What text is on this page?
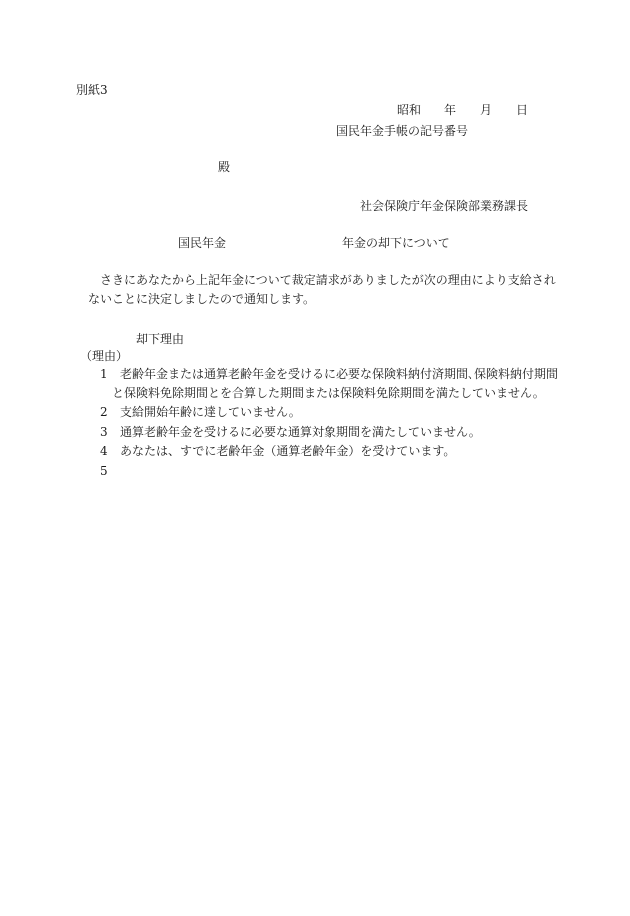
別紙3
昭和 年 月 日
国民年金手帳の記号番号
殿
社会保険庁年金保険部業務課長
国民年金	年金の却下について
さきにあなたから上記年金について裁定請求がありましたが次の理由により支給され
ないことに決定しましたので通知します。
却下理由
（理由）
1 老齢年金または通算老齢年金を受けるに必要な保険料納付済期間､保険料納付期間
と保険料免除期間とを合算した期間または保険料免除期間を満たしていません。
2 支給開始年齢に達していません。
3 通算老齢年金を受けるに必要な通算対象期間を満たしていません。
4 あなたは、すでに老齢年金（通算老齢年金）を受けています。
5
